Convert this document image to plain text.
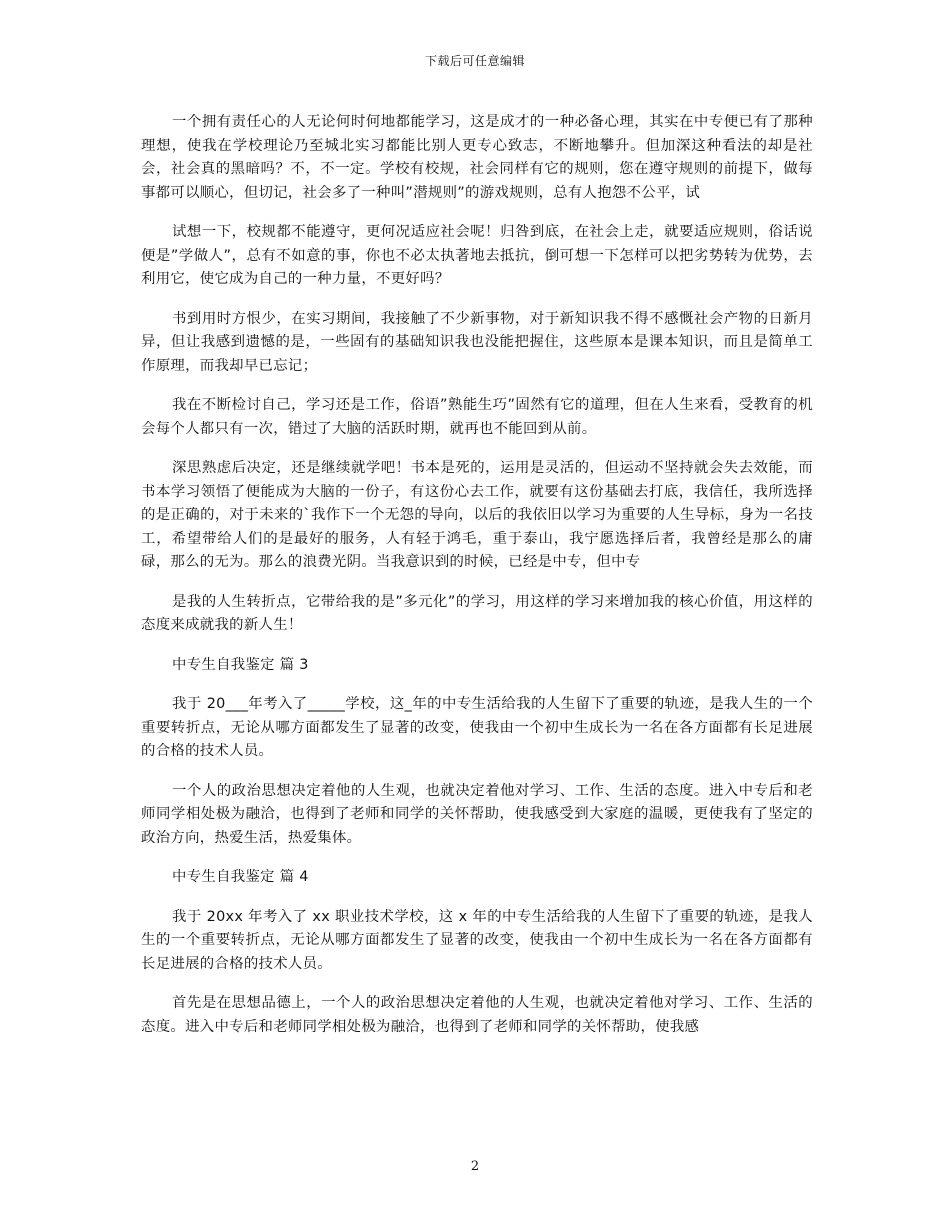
下载后可任意编辑

一个拥有责任心的人无论何时何地都能学习，这是成才的一种必备心理，其实在中专便已有了那种理想，使我在学校理论乃至城北实习都能比别人更专心致志，不断地攀升。但加深这种看法的却是社会，社会真的黑暗吗？不，不一定。学校有校规，社会同样有它的规则，您在遵守规则的前提下，做每事都可以顺心，但切记，社会多了一种叫”潜规则”的游戏规则，总有人抱怨不公平，试

试想一下，校规都不能遵守，更何况适应社会呢！归咎到底，在社会上走，就要适应规则，俗话说便是”学做人”，总有不如意的事，你也不必太执著地去抵抗，倒可想一下怎样可以把劣势转为优势，去利用它，使它成为自己的一种力量，不更好吗？

书到用时方恨少，在实习期间，我接触了不少新事物，对于新知识我不得不感慨社会产物的日新月异，但让我感到遗憾的是，一些固有的基础知识我也没能把握住，这些原本是课本知识，而且是简单工作原理，而我却早已忘记；

我在不断检讨自己，学习还是工作，俗语”熟能生巧”固然有它的道理，但在人生来看，受教育的机会每个人都只有一次，错过了大脑的活跃时期，就再也不能回到从前。

深思熟虑后决定，还是继续就学吧！书本是死的，运用是灵活的，但运动不坚持就会失去效能，而书本学习领悟了便能成为大脑的一份子，有这份心去工作，就要有这份基础去打底，我信任，我所选择的是正确的，对于未来的`我作下一个无怨的导向，以后的我依旧以学习为重要的人生导标，身为一名技工，希望带给人们的是最好的服务，人有轻于鸿毛，重于泰山，我宁愿选择后者，我曾经是那么的庸碌，那么的无为。那么的浪费光阴。当我意识到的时候，已经是中专，但中专

是我的人生转折点，它带给我的是”多元化”的学习，用这样的学习来增加我的核心价值，用这样的态度来成就我的新人生！

中专生自我鉴定 篇 3

我于 20___年考入了_____学校，这_年的中专生活给我的人生留下了重要的轨迹，是我人生的一个重要转折点，无论从哪方面都发生了显著的改变，使我由一个初中生成长为一名在各方面都有长足进展的合格的技术人员。

一个人的政治思想决定着他的人生观，也就决定着他对学习、工作、生活的态度。进入中专后和老师同学相处极为融洽，也得到了老师和同学的关怀帮助，使我感受到大家庭的温暖，更使我有了坚定的政治方向，热爱生活，热爱集体。

中专生自我鉴定 篇 4

我于 20xx 年考入了 xx 职业技术学校，这 x 年的中专生活给我的人生留下了重要的轨迹，是我人生的一个重要转折点，无论从哪方面都发生了显著的改变，使我由一个初中生成长为一名在各方面都有长足进展的合格的技术人员。

首先是在思想品德上，一个人的政治思想决定着他的人生观，也就决定着他对学习、工作、生活的态度。进入中专后和老师同学相处极为融洽，也得到了老师和同学的关怀帮助，使我感

2
